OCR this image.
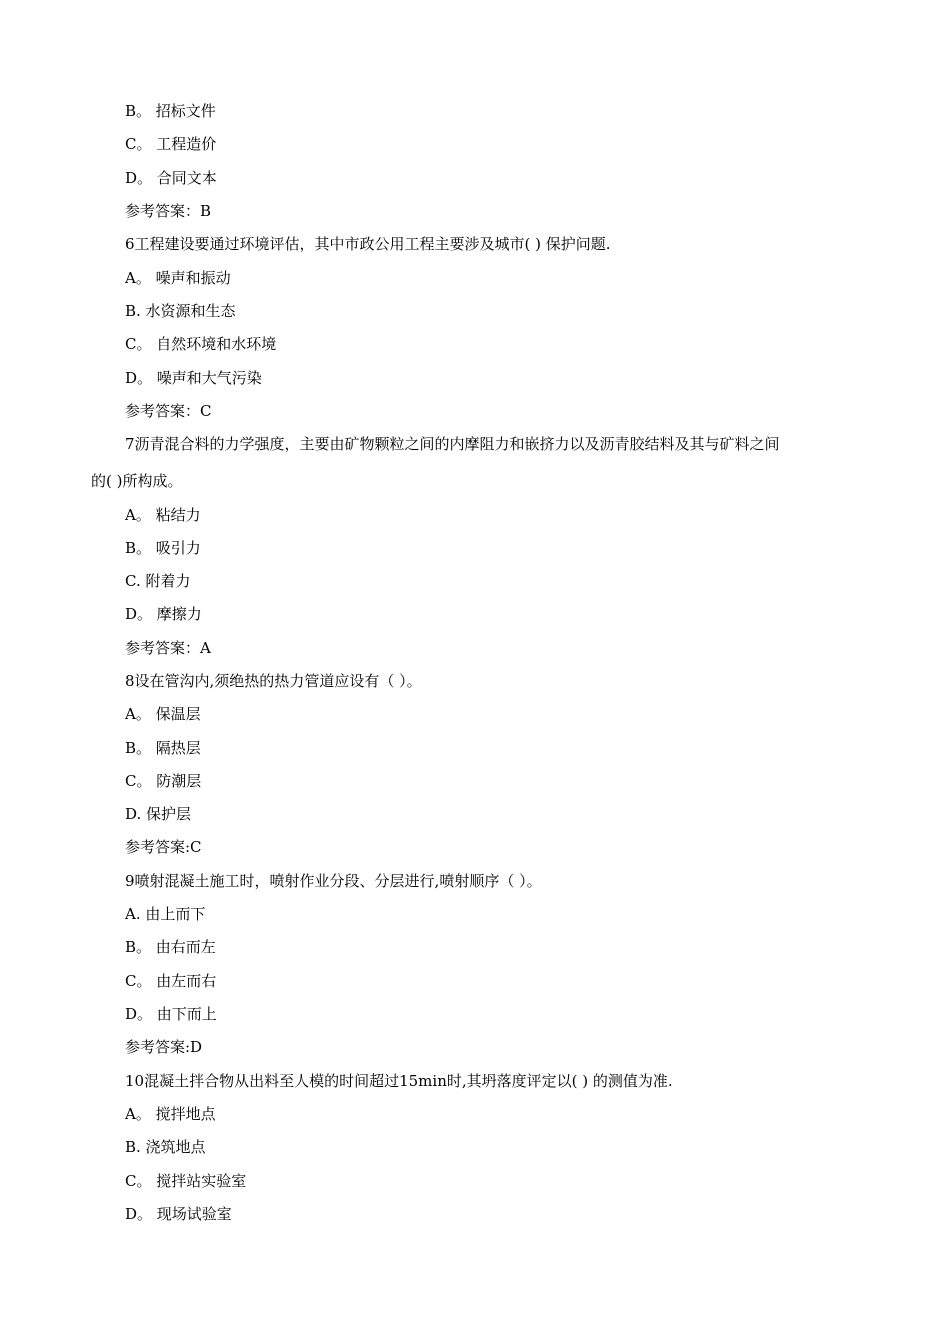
B。 招标文件
C。 工程造价
D。 合同文本
参考答案：B
6工程建设要通过环境评估，其中市政公用工程主要涉及城市( ) 保护问题.
A。 噪声和振动
B. 水资源和生态
C。 自然环境和水环境
D。 噪声和大气污染
参考答案：C
7沥青混合料的力学强度，主要由矿物颗粒之间的内摩阻力和嵌挤力以及沥青胶结料及其与矿料之间
的( )所构成。
A。 粘结力
B。 吸引力
C. 附着力
D。 摩擦力
参考答案：A
8设在管沟内,须绝热的热力管道应设有（ ）。
A。 保温层
B。 隔热层
C。 防潮层
D. 保护层
参考答案:C
9喷射混凝土施工时，喷射作业分段、分层进行,喷射顺序（ ）。
A. 由上而下
B。 由右而左
C。 由左而右
D。 由下而上
参考答案:D
10混凝土拌合物从出料至人模的时间超过15min时,其坍落度评定以( ) 的测值为准.
A。 搅拌地点
B. 浇筑地点
C。 搅拌站实验室
D。 现场试验室
